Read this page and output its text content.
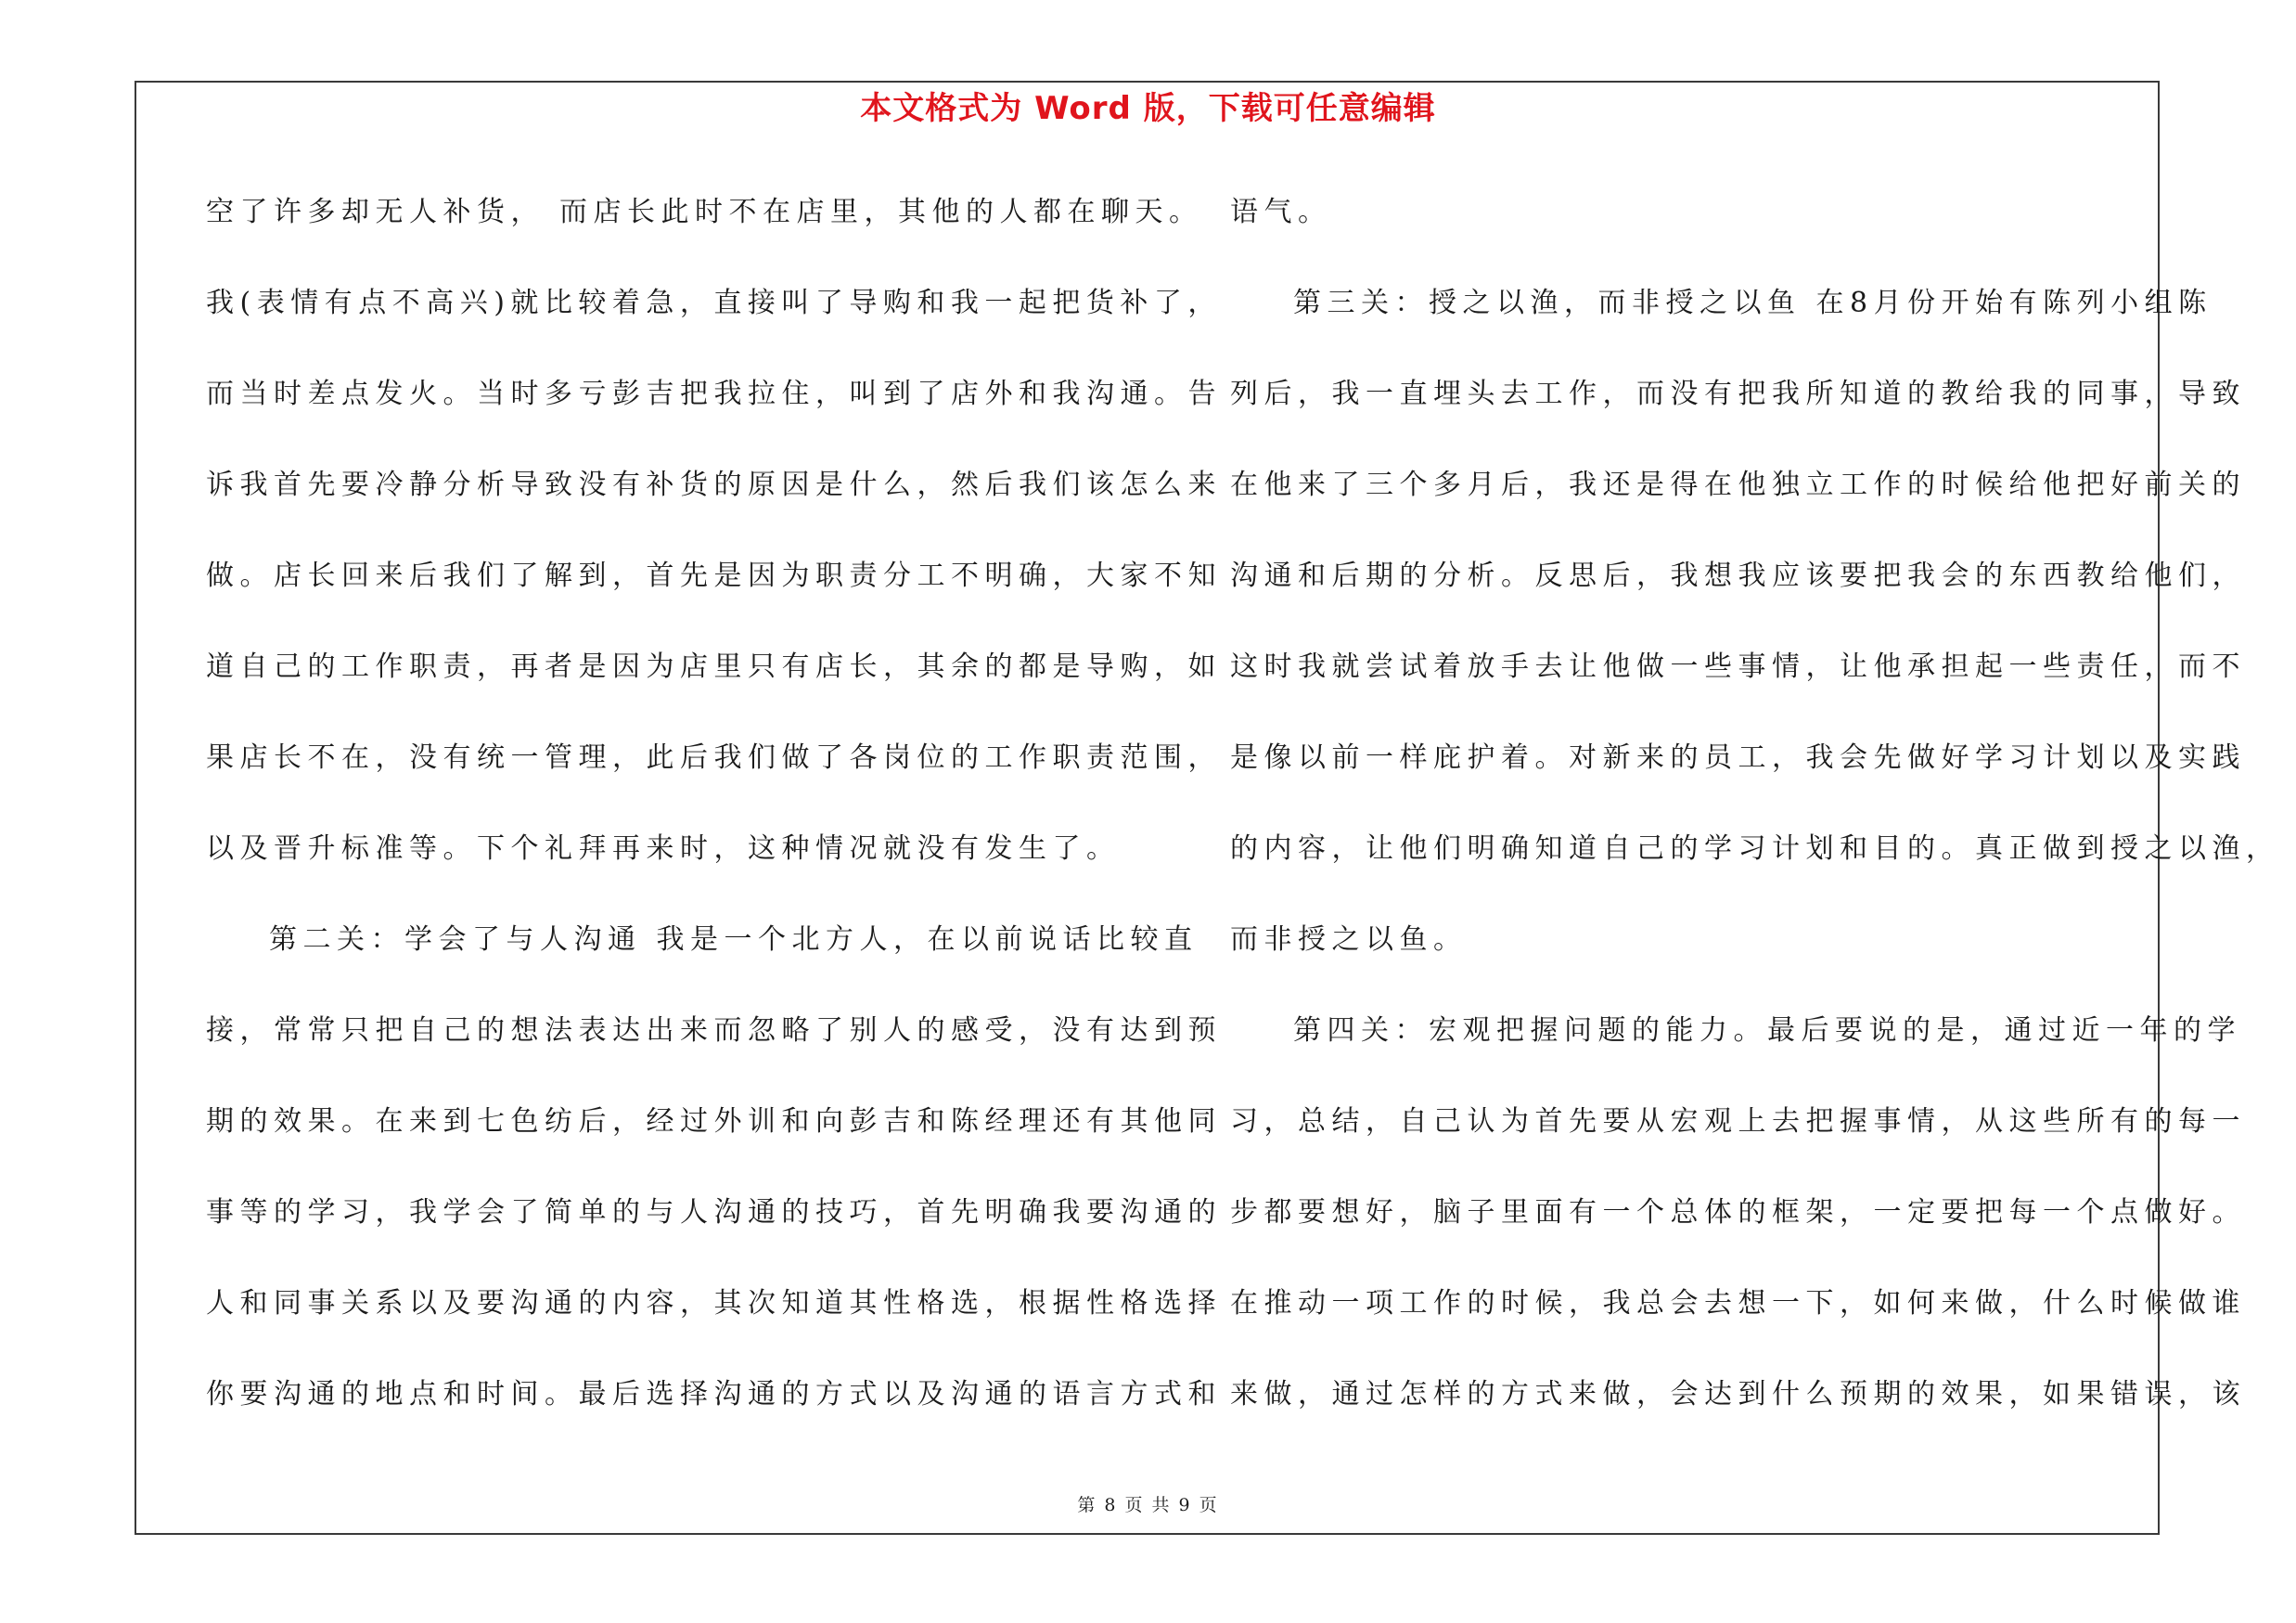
本文格式为 Word 版，下载可任意编辑
空了许多却无人补货， 而店长此时不在店里，其他的人都在聊天。
我(表情有点不高兴)就比较着急，直接叫了导购和我一起把货补了，
而当时差点发火。当时多亏彭吉把我拉住，叫到了店外和我沟通。告
诉我首先要冷静分析导致没有补货的原因是什么，然后我们该怎么来
做。店长回来后我们了解到，首先是因为职责分工不明确，大家不知
道自己的工作职责，再者是因为店里只有店长，其余的都是导购，如
果店长不在，没有统一管理，此后我们做了各岗位的工作职责范围，
以及晋升标准等。下个礼拜再来时，这种情况就没有发生了。
第二关：学会了与人沟通 我是一个北方人，在以前说话比较直
接，常常只把自己的想法表达出来而忽略了别人的感受，没有达到预
期的效果。在来到七色纺后，经过外训和向彭吉和陈经理还有其他同
事等的学习，我学会了简单的与人沟通的技巧，首先明确我要沟通的
人和同事关系以及要沟通的内容，其次知道其性格选，根据性格选择
你要沟通的地点和时间。最后选择沟通的方式以及沟通的语言方式和
语气。
第三关：授之以渔，而非授之以鱼 在8月份开始有陈列小组陈
列后，我一直埋头去工作，而没有把我所知道的教给我的同事，导致
在他来了三个多月后，我还是得在他独立工作的时候给他把好前关的
沟通和后期的分析。反思后，我想我应该要把我会的东西教给他们，
这时我就尝试着放手去让他做一些事情，让他承担起一些责任，而不
是像以前一样庇护着。对新来的员工，我会先做好学习计划以及实践
的内容，让他们明确知道自己的学习计划和目的。真正做到授之以渔，
而非授之以鱼。
第四关：宏观把握问题的能力。最后要说的是，通过近一年的学
习，总结，自己认为首先要从宏观上去把握事情，从这些所有的每一
步都要想好，脑子里面有一个总体的框架，一定要把每一个点做好。
在推动一项工作的时候，我总会去想一下，如何来做，什么时候做谁
来做，通过怎样的方式来做，会达到什么预期的效果，如果错误，该
第 8 页 共 9 页
